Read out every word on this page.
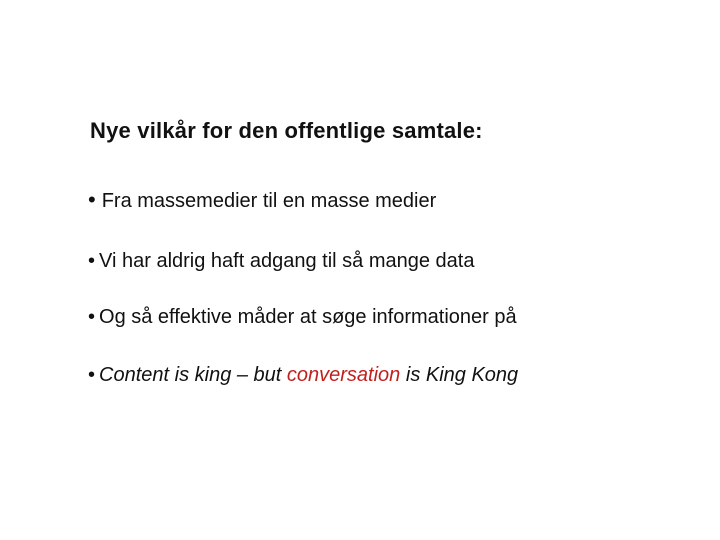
Nye vilkår for den offentlige samtale:
• Fra massemedier til en masse medier
• Vi har aldrig haft adgang til så mange data
• Og så effektive måder at søge informationer på
• Content is king – but conversation is King Kong
